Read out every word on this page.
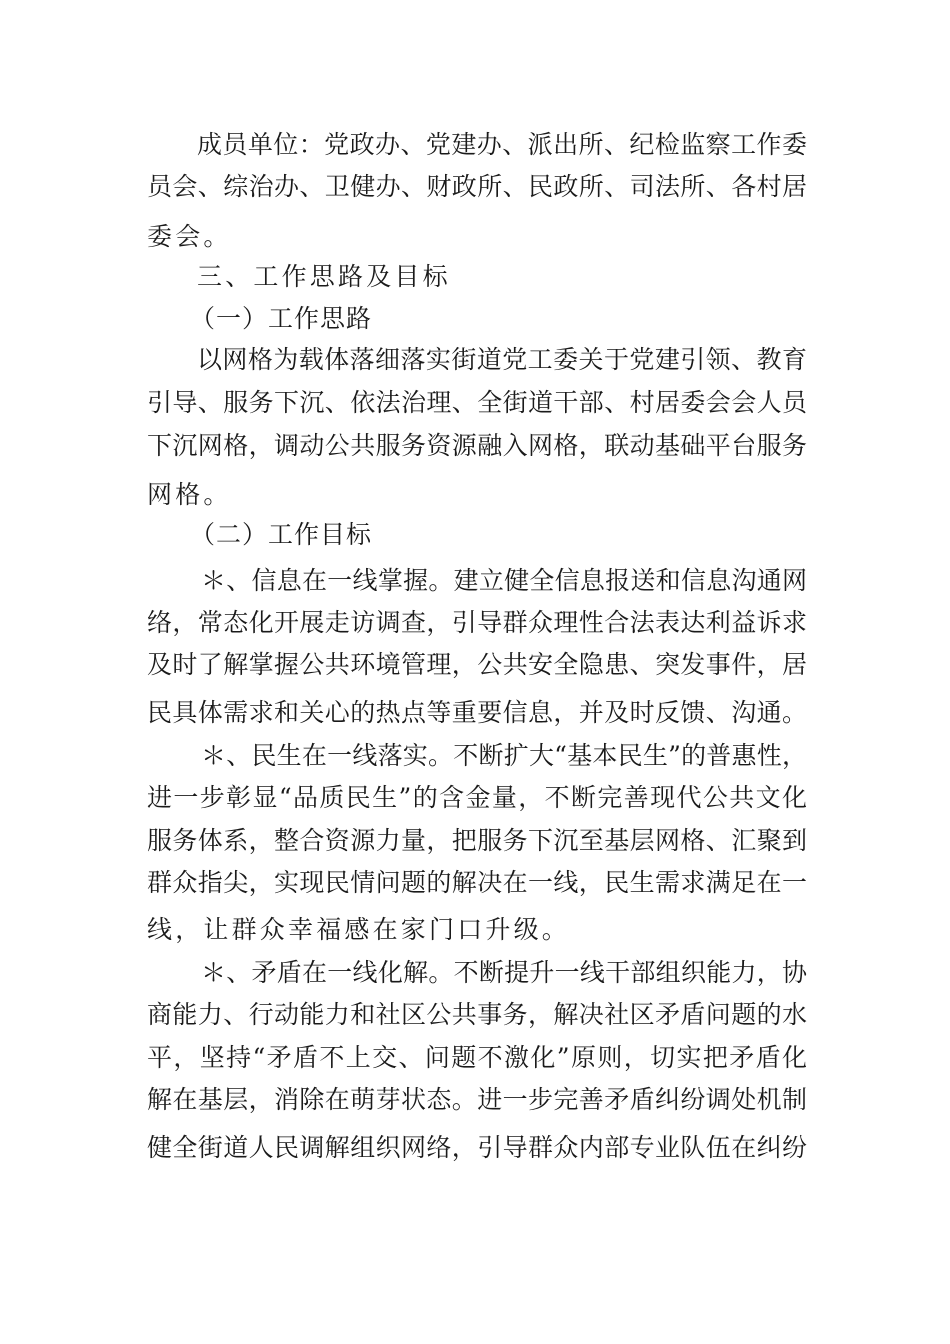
成员单位：党政办、党建办、派出所、纪检监察工作委
员会、综治办、卫健办、财政所、民政所、司法所、各村居
委会。
三、工作思路及目标
（一）工作思路
以网格为载体落细落实街道党工委关于党建引领、教育
引导、服务下沉、依法治理、全街道干部、村居委会会人员
下沉网格，调动公共服务资源融入网格，联动基础平台服务
网格。
（二）工作目标
＊、信息在一线掌握。建立健全信息报送和信息沟通网
络，常态化开展走访调查，引导群众理性合法表达利益诉求
及时了解掌握公共环境管理，公共安全隐患、突发事件，居
民具体需求和关心的热点等重要信息，并及时反馈、沟通。
＊、民生在一线落实。不断扩大“基本民生”的普惠性，
进一步彰显“品质民生”的含金量，不断完善现代公共文化
服务体系，整合资源力量，把服务下沉至基层网格、汇聚到
群众指尖，实现民情问题的解决在一线，民生需求满足在一
线，让群众幸福感在家门口升级。
＊、矛盾在一线化解。不断提升一线干部组织能力，协
商能力、行动能力和社区公共事务，解决社区矛盾问题的水
平，坚持“矛盾不上交、问题不激化”原则，切实把矛盾化
解在基层，消除在萌芽状态。进一步完善矛盾纠纷调处机制
健全街道人民调解组织网络，引导群众内部专业队伍在纠纷
